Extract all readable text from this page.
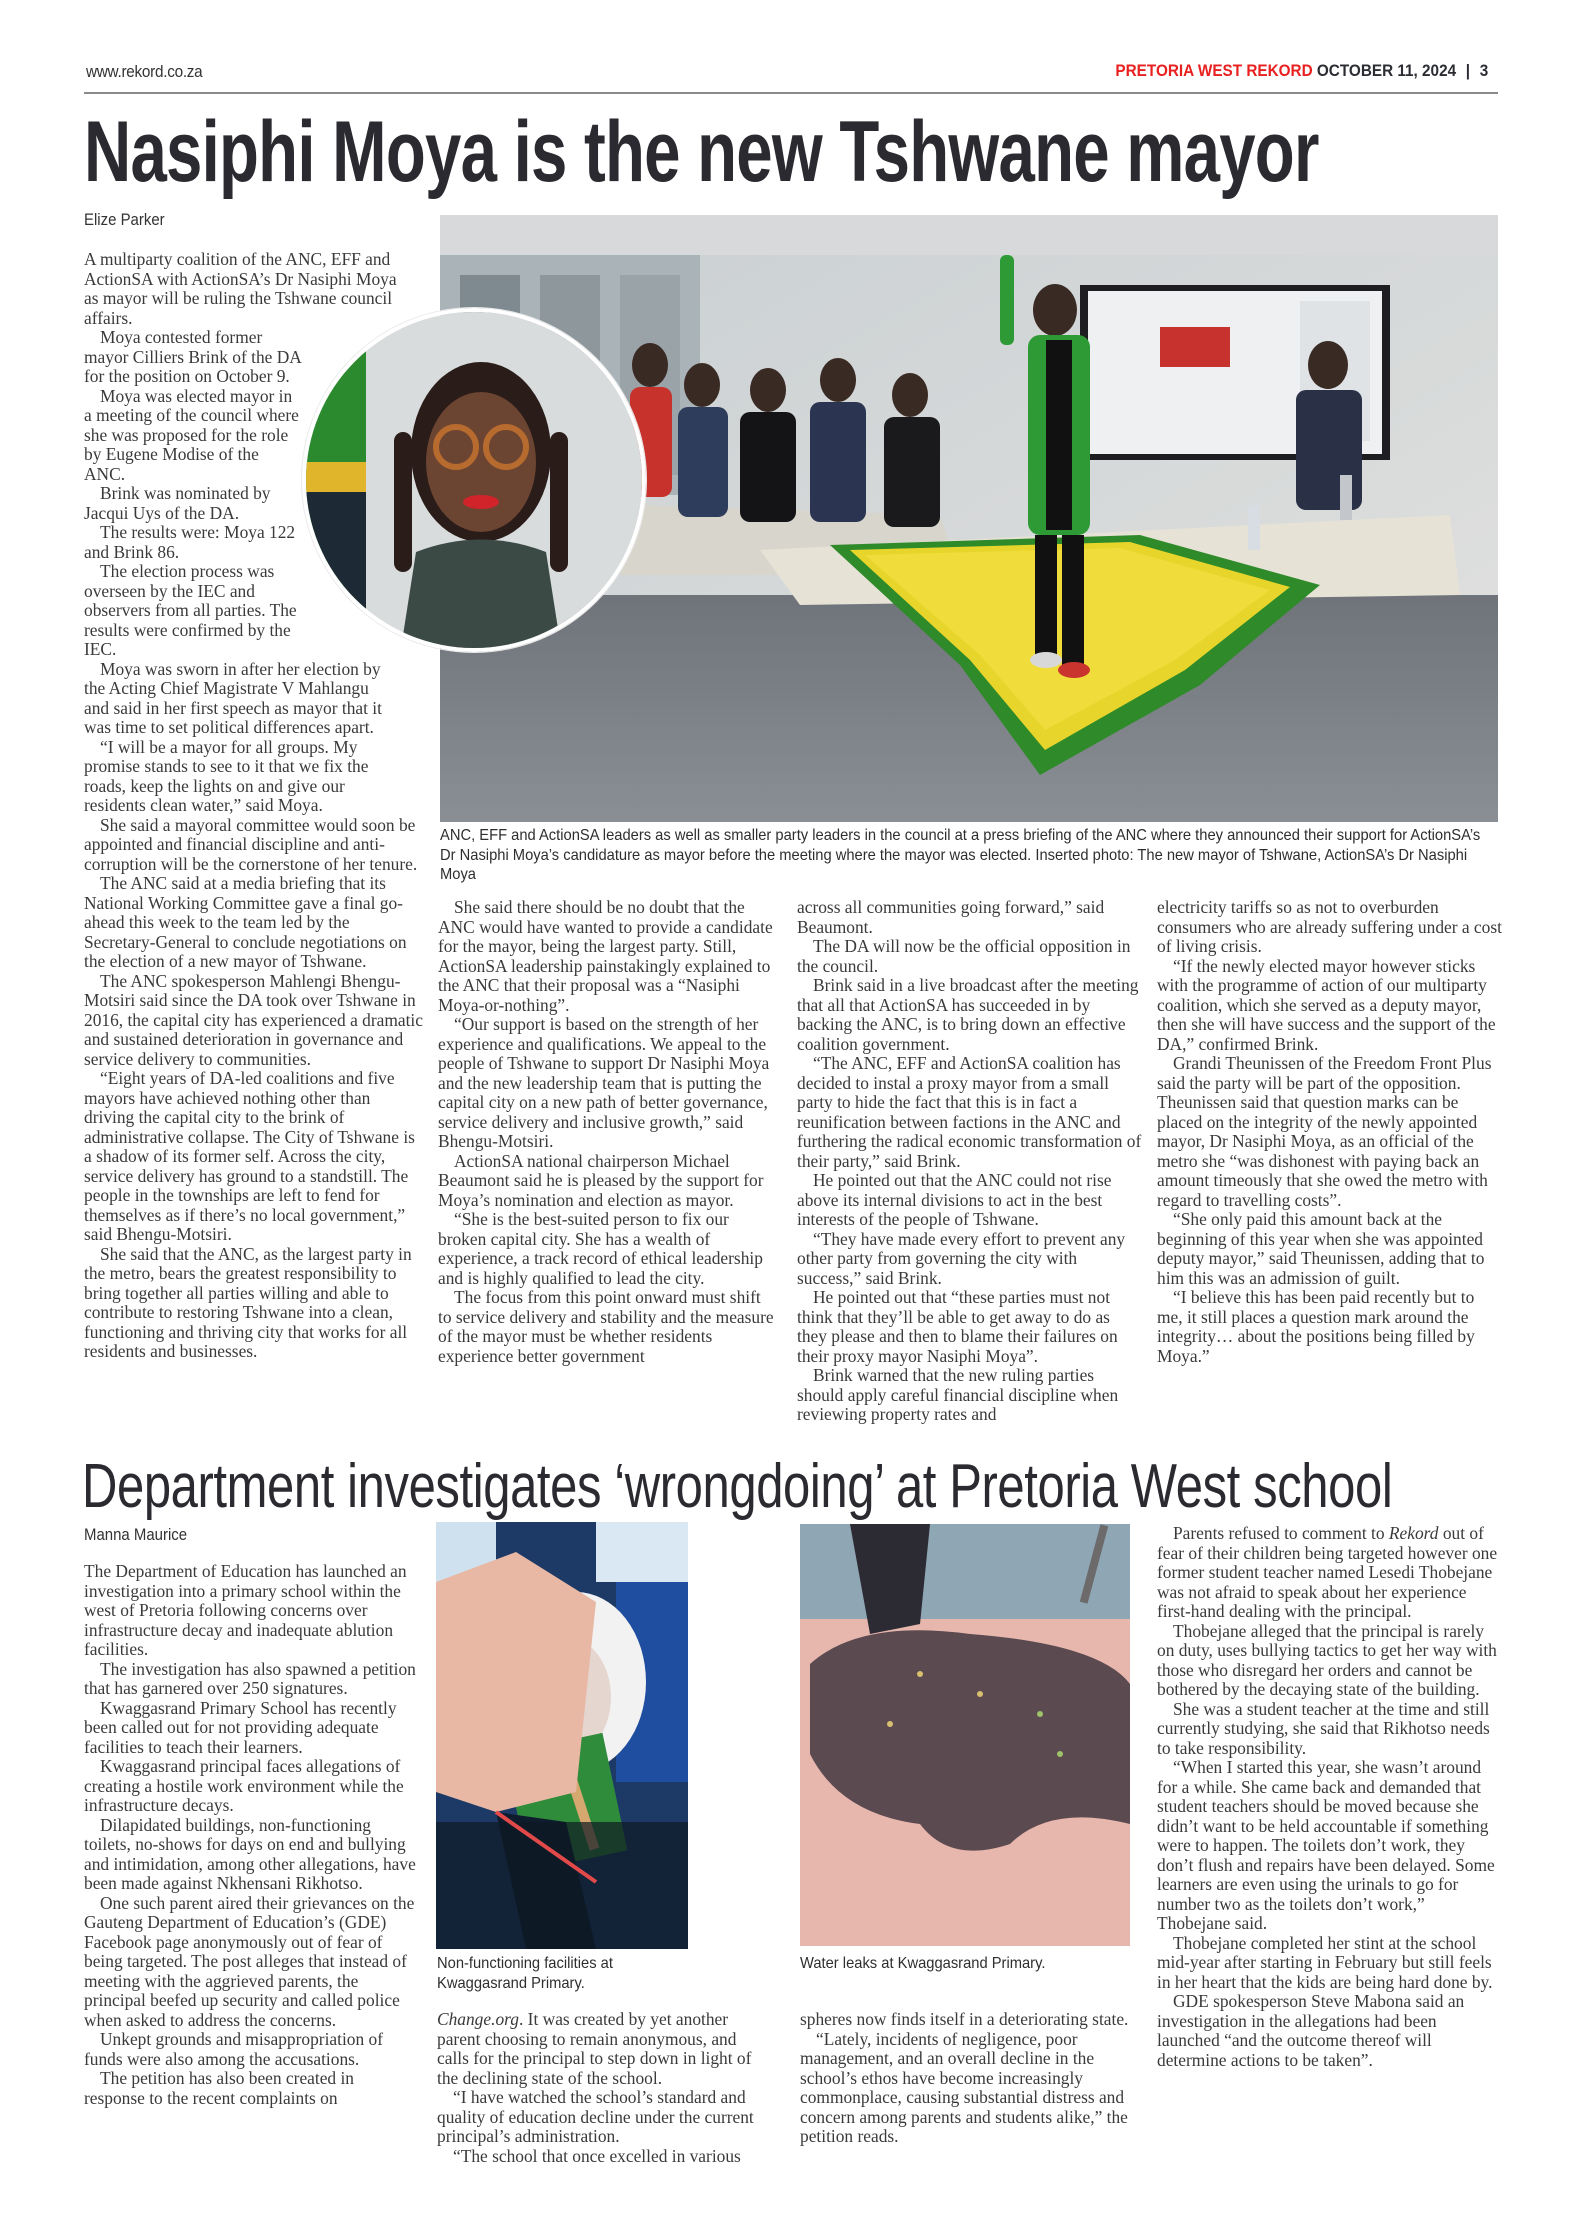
www.rekord.co.za	PRETORIA WEST REKORD OCTOBER 11, 2024 | 3
Nasiphi Moya is the new Tshwane mayor
Elize Parker
ANC, EFF and ActionSA leaders as well as smaller party leaders in the council at a press briefing of the ANC where they announced their support for ActionSA’s Dr Nasiphi Moya’s candidature as mayor before the meeting where the mayor was elected. Inserted photo: The new mayor of Tshwane, ActionSA’s Dr Nasiphi Moya

A multiparty coalition of the ANC, EFF and ActionSA with ActionSA’s Dr Nasiphi Moya as mayor will be ruling the Tshwane council affairs.

Moya contested former mayor Cilliers Brink of the DA for the position on October 9.

Moya was elected mayor in a meeting of the council where she was proposed for the role by Eugene Modise of the ANC.

Brink was nominated by Jacqui Uys of the DA.

The results were: Moya 122 and Brink 86.

The election process was overseen by the IEC and observers from all parties. The results were confirmed by the IEC.

Moya was sworn in after her election by the Acting Chief Magistrate V Mahlangu and said in her first speech as mayor that it was time to set political differences apart.

“I will be a mayor for all groups. My promise stands to see to it that we fix the roads, keep the lights on and give our residents clean water,” said Moya.

She said a mayoral committee would soon be appointed and financial discipline and anti-corruption will be the cornerstone of her tenure.

The ANC said at a media briefing that its National Working Committee gave a final go-ahead this week to the team led by the Secretary-General to conclude negotiations on the election of a new mayor of Tshwane.

The ANC spokesperson Mahlengi Bhengu-Motsiri said since the DA took over Tshwane in 2016, the capital city has experienced a dramatic and sustained deterioration in governance and service delivery to communities.

“Eight years of DA-led coalitions and five mayors have achieved nothing other than driving the capital city to the brink of administrative collapse. The City of Tshwane is a shadow of its former self. Across the city, service delivery has ground to a standstill. The people in the townships are left to fend for themselves as if there’s no local government,” said Bhengu-Motsiri.

She said that the ANC, as the largest party in the metro, bears the greatest responsibility to bring together all parties willing and able to contribute to restoring Tshwane into a clean, functioning and thriving city that works for all residents and businesses.

She said there should be no doubt that the ANC would have wanted to provide a candidate for the mayor, being the largest party. Still, ActionSA leadership painstakingly explained to the ANC that their proposal was a “Nasiphi Moya-or-nothing”.

“Our support is based on the strength of her experience and qualifications. We appeal to the people of Tshwane to support Dr Nasiphi Moya and the new leadership team that is putting the capital city on a new path of better governance, service delivery and inclusive growth,” said Bhengu-Motsiri.

ActionSA national chairperson Michael Beaumont said he is pleased by the support for Moya’s nomination and election as mayor.

“She is the best-suited person to fix our broken capital city. She has a wealth of experience, a track record of ethical leadership and is highly qualified to lead the city.

The focus from this point onward must shift to service delivery and stability and the measure of the mayor must be whether residents experience better government

across all communities going forward,” said Beaumont.

The DA will now be the official opposition in the council.

Brink said in a live broadcast after the meeting that all that ActionSA has succeeded in by backing the ANC, is to bring down an effective coalition government.

“The ANC, EFF and ActionSA coalition has decided to instal a proxy mayor from a small party to hide the fact that this is in fact a reunification between factions in the ANC and furthering the radical economic transformation of their party,” said Brink.

He pointed out that the ANC could not rise above its internal divisions to act in the best interests of the people of Tshwane.

“They have made every effort to prevent any other party from governing the city with success,” said Brink.

He pointed out that “these parties must not think that they’ll be able to get away to do as they please and then to blame their failures on their proxy mayor Nasiphi Moya”.

Brink warned that the new ruling parties should apply careful financial discipline when reviewing property rates and

electricity tariffs so as not to overburden consumers who are already suffering under a cost of living crisis.

“If the newly elected mayor however sticks with the programme of action of our multiparty coalition, which she served as a deputy mayor, then she will have success and the support of the DA,” confirmed Brink.

Grandi Theunissen of the Freedom Front Plus said the party will be part of the opposition. Theunissen said that question marks can be placed on the integrity of the newly appointed mayor, Dr Nasiphi Moya, as an official of the metro she “was dishonest with paying back an amount timeously that she owed the metro with regard to travelling costs”.

“She only paid this amount back at the beginning of this year when she was appointed deputy mayor,” said Theunissen, adding that to him this was an admission of guilt.

“I believe this has been paid recently but to me, it still places a question mark around the integrity… about the positions being filled by Moya.”

Department investigates ‘wrongdoing’ at Pretoria West school
Manna Maurice

The Department of Education has launched an investigation into a primary school within the west of Pretoria following concerns over infrastructure decay and inadequate ablution facilities.

The investigation has also spawned a petition that has garnered over 250 signatures.

Kwaggasrand Primary School has recently been called out for not providing adequate facilities to teach their learners.

Kwaggasrand principal faces allegations of creating a hostile work environment while the infrastructure decays.

Dilapidated buildings, non-functioning toilets, no-shows for days on end and bullying and intimidation, among other allegations, have been made against Nkhensani Rikhotso.

One such parent aired their grievances on the Gauteng Department of Education’s (GDE) Facebook page anonymously out of fear of being targeted. The post alleges that instead of meeting with the aggrieved parents, the principal beefed up security and called police when asked to address the concerns.

Unkept grounds and misappropriation of funds were also among the accusations.

The petition has also been created in response to the recent complaints on

Non-functioning facilities at Kwaggasrand Primary.
Water leaks at Kwaggasrand Primary.

Change.org. It was created by yet another parent choosing to remain anonymous, and calls for the principal to step down in light of the declining state of the school.

“I have watched the school’s standard and quality of education decline under the current principal’s administration.

“The school that once excelled in various

spheres now finds itself in a deteriorating state.

“Lately, incidents of negligence, poor management, and an overall decline in the school’s ethos have become increasingly commonplace, causing substantial distress and concern among parents and students alike,” the petition reads.

Parents refused to comment to Rekord out of fear of their children being targeted however one former student teacher named Lesedi Thobejane was not afraid to speak about her experience first-hand dealing with the principal.

Thobejane alleged that the principal is rarely on duty, uses bullying tactics to get her way with those who disregard her orders and cannot be bothered by the decaying state of the building.

She was a student teacher at the time and still currently studying, she said that Rikhotso needs to take responsibility.

“When I started this year, she wasn’t around for a while. She came back and demanded that student teachers should be moved because she didn’t want to be held accountable if something were to happen. The toilets don’t work, they don’t flush and repairs have been delayed. Some learners are even using the urinals to go for number two as the toilets don’t work,” Thobejane said.

Thobejane completed her stint at the school mid-year after starting in February but still feels in her heart that the kids are being hard done by.

GDE spokesperson Steve Mabona said an investigation in the allegations had been launched “and the outcome thereof will determine actions to be taken”.
